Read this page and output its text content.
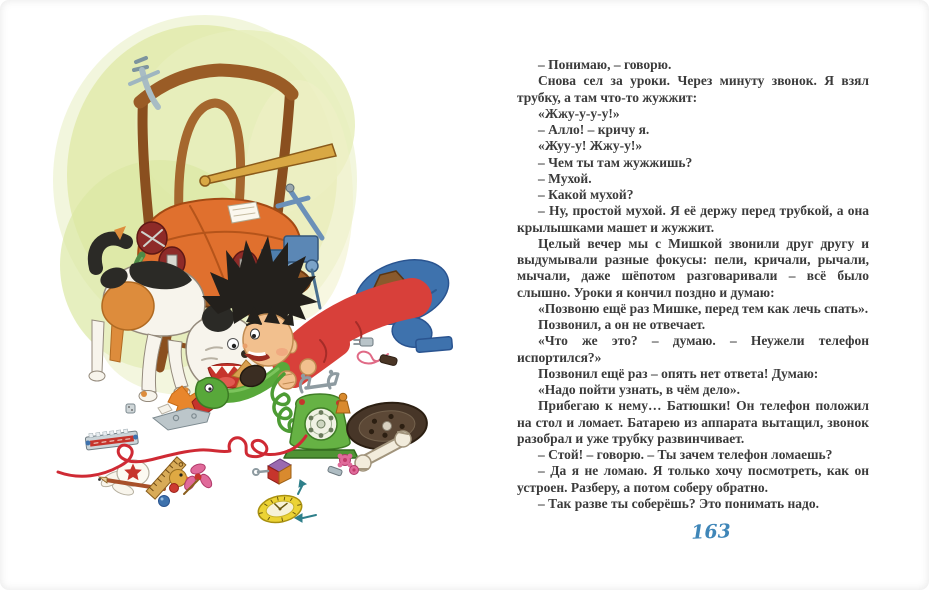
– Понимаю, – говорю.

Снова сел за уроки. Через минуту звонок. Я взял трубку, а там что-то жужжит:

«Жжу-у-у-у!»

– Алло! – кричу я.

«Жуу-у! Жжу-у!»

– Чем ты там жужжишь?

– Мухой.

– Какой мухой?

– Ну, простой мухой. Я её держу перед трубкой, а она крылышками машет и жужжит.

Целый вечер мы с Мишкой звонили друг другу и выдумывали разные фокусы: пели, кричали, рычали, мычали, даже шёпотом разговаривали – всё было слышно. Уроки я кончил поздно и думаю:

«Позвоню ещё раз Мишке, перед тем как лечь спать».

Позвонил, а он не отвечает.

«Что же это? – думаю. – Неужели телефон испортился?»

Позвонил ещё раз – опять нет ответа! Думаю:

«Надо пойти узнать, в чём дело».

Прибегаю к нему… Батюшки! Он телефон положил на стол и ломает. Батарею из аппарата вытащил, звонок разобрал и уже трубку развинчивает.

– Стой! – говорю. – Ты зачем телефон ломаешь?

– Да я не ломаю. Я только хочу посмотреть, как он устроен. Разберу, а потом соберу обратно.

– Так разве ты соберёшь? Это понимать надо.

163
